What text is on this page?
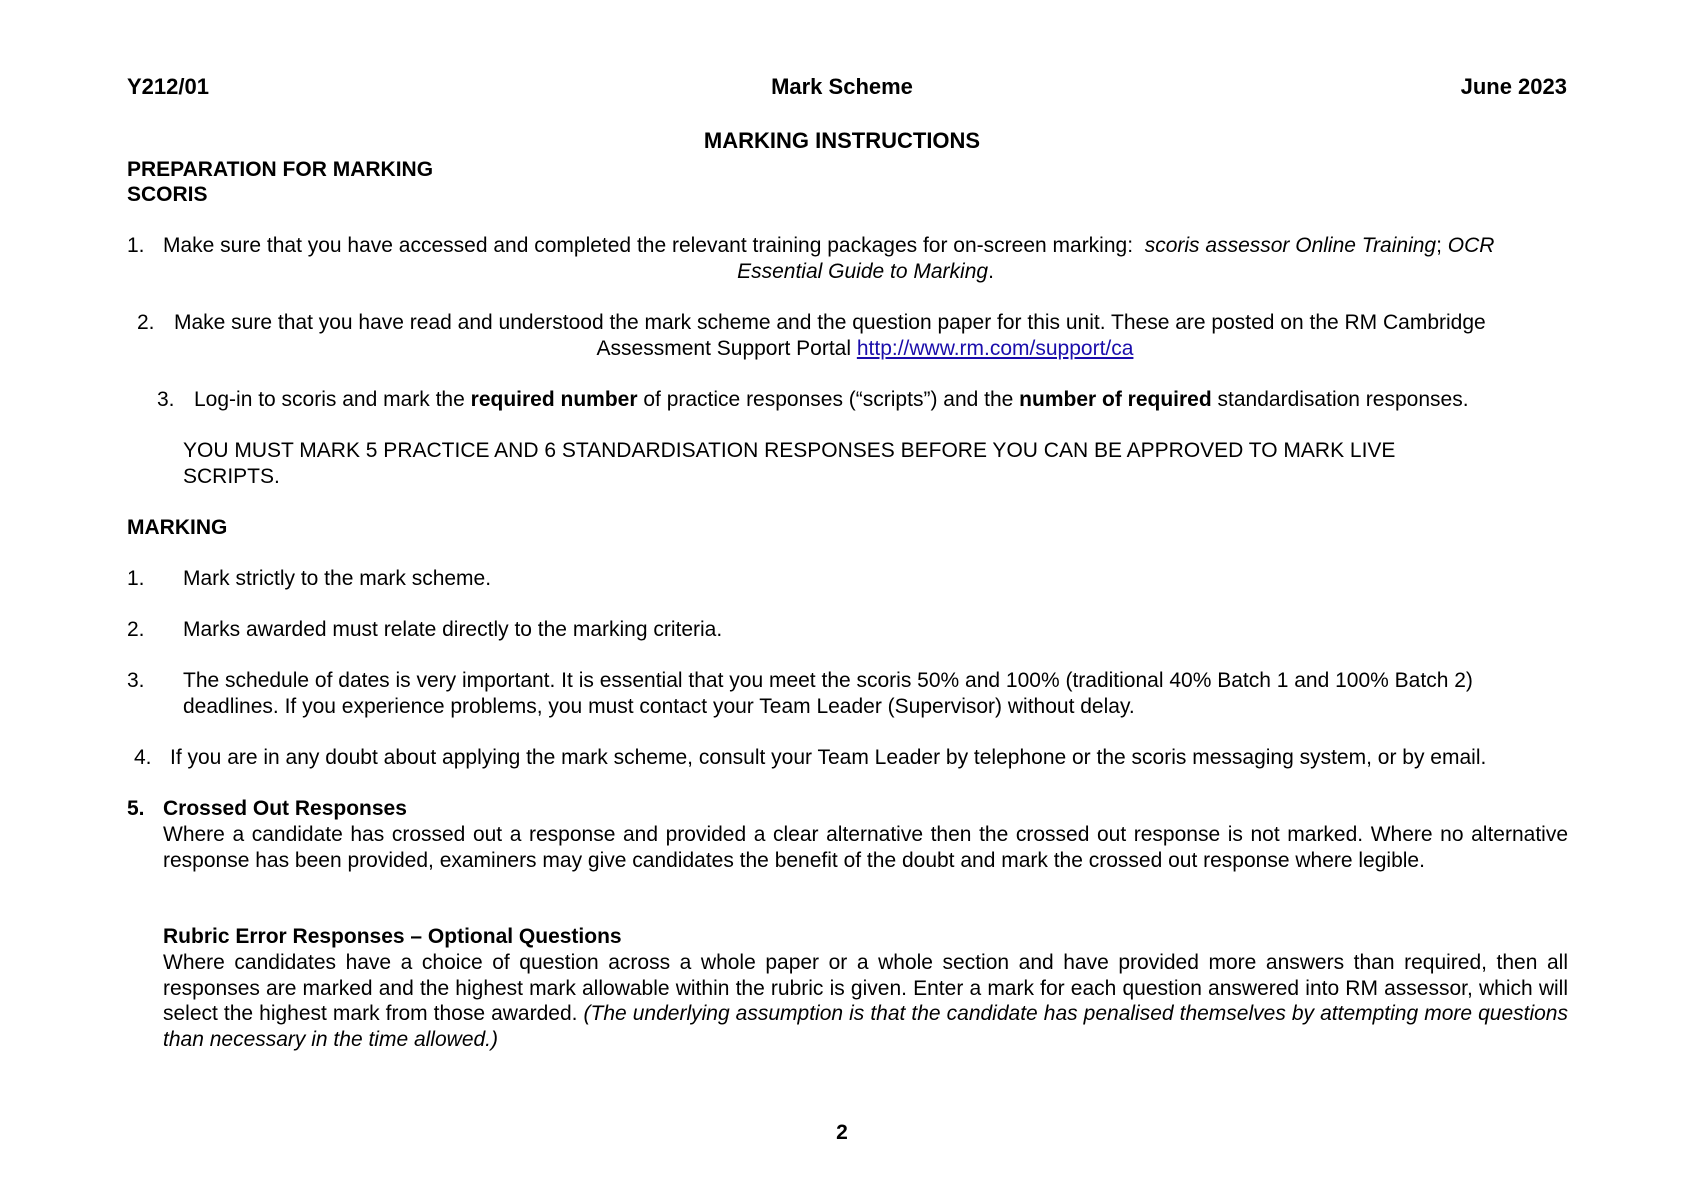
Y212/01	Mark Scheme	June 2023
MARKING INSTRUCTIONS
PREPARATION FOR MARKING
SCORIS
1. Make sure that you have accessed and completed the relevant training packages for on-screen marking:  scoris assessor Online Training; OCR
Essential Guide to Marking.
2. Make sure that you have read and understood the mark scheme and the question paper for this unit. These are posted on the RM Cambridge
Assessment Support Portal http://www.rm.com/support/ca
3. Log-in to scoris and mark the required number of practice responses (“scripts”) and the number of required standardisation responses.
YOU MUST MARK 5 PRACTICE AND 6 STANDARDISATION RESPONSES BEFORE YOU CAN BE APPROVED TO MARK LIVE
SCRIPTS.
MARKING
1. Mark strictly to the mark scheme.
2. Marks awarded must relate directly to the marking criteria.
3. The schedule of dates is very important. It is essential that you meet the scoris 50% and 100% (traditional 40% Batch 1 and 100% Batch 2)
deadlines. If you experience problems, you must contact your Team Leader (Supervisor) without delay.
4. If you are in any doubt about applying the mark scheme, consult your Team Leader by telephone or the scoris messaging system, or by email.
5. Crossed Out Responses
Where a candidate has crossed out a response and provided a clear alternative then the crossed out response is not marked. Where no alternative response has been provided, examiners may give candidates the benefit of the doubt and mark the crossed out response where legible.
Rubric Error Responses – Optional Questions
Where candidates have a choice of question across a whole paper or a whole section and have provided more answers than required, then all responses are marked and the highest mark allowable within the rubric is given. Enter a mark for each question answered into RM assessor, which will select the highest mark from those awarded. (The underlying assumption is that the candidate has penalised themselves by attempting more questions than necessary in the time allowed.)
2
